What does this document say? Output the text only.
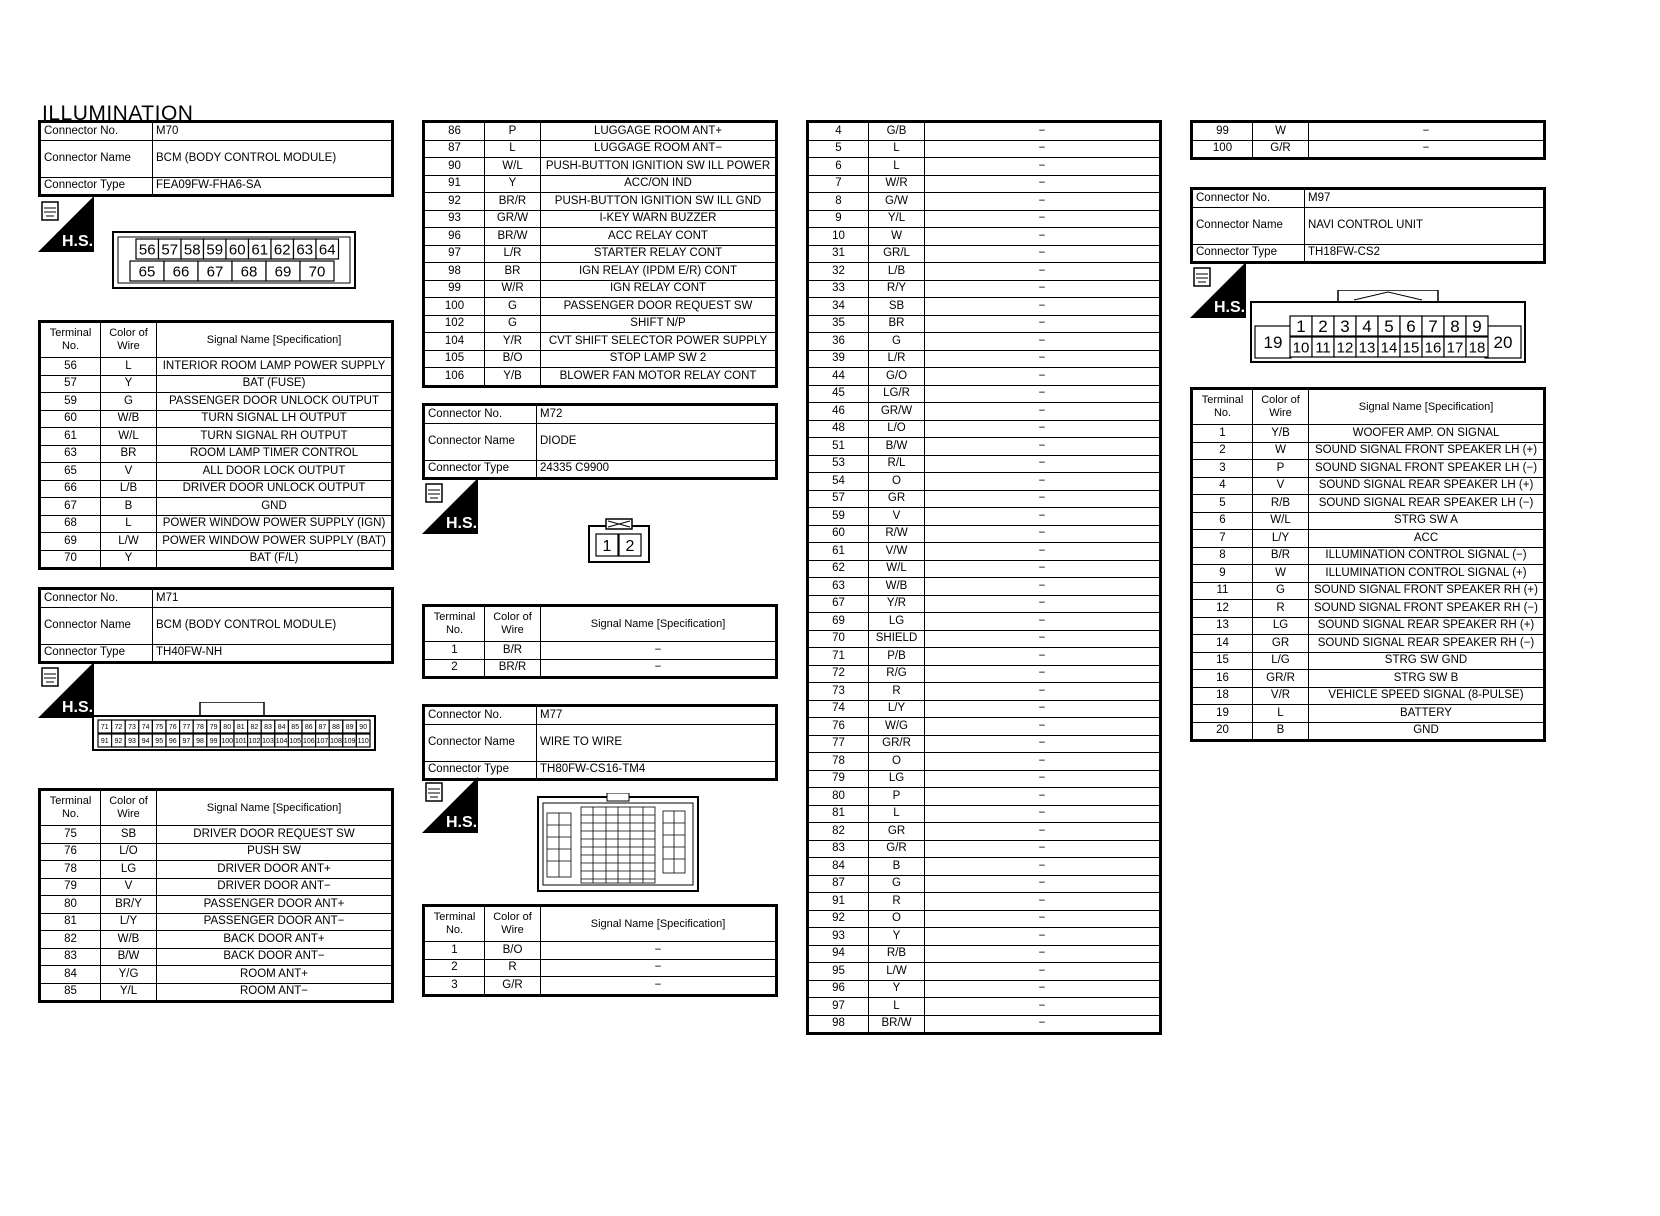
ILLUMINATION
Connector No.	M70
Connector Name	BCM (BODY CONTROL MODULE)
Connector Type	FEA09FW-FHA6-SA
H.S.	56 57 58 59 60 61 62 63 64
65 66 67 68 69 70
Terminal No.	Color of Wire	Signal Name [Specification]
56	L	INTERIOR ROOM LAMP POWER SUPPLY
57	Y	BAT (FUSE)
59	G	PASSENGER DOOR UNLOCK OUTPUT
60	W/B	TURN SIGNAL LH OUTPUT
61	W/L	TURN SIGNAL RH OUTPUT
63	BR	ROOM LAMP TIMER CONTROL
65	V	ALL DOOR LOCK OUTPUT
66	L/B	DRIVER DOOR UNLOCK OUTPUT
67	B	GND
68	L	POWER WINDOW POWER SUPPLY (IGN)
69	L/W	POWER WINDOW POWER SUPPLY (BAT)
70	Y	BAT (F/L)
Connector No.	M71
Connector Name	BCM (BODY CONTROL MODULE)
Connector Type	TH40FW-NH
H.S.
71 72 73 74 75 76 77 78 79 80 81 82 83 84 85 86 87 88 89 90
91 92 93 94 95 96 97 98 99 100 101 102 103 104 105 106 107 108 109 110
Terminal No.	Color of Wire	Signal Name [Specification]
75	SB	DRIVER DOOR REQUEST SW
76	L/O	PUSH SW
78	LG	DRIVER DOOR ANT+
79	V	DRIVER DOOR ANT−
80	BR/Y	PASSENGER DOOR ANT+
81	L/Y	PASSENGER DOOR ANT−
82	W/B	BACK DOOR ANT+
83	B/W	BACK DOOR ANT−
84	Y/G	ROOM ANT+
85	Y/L	ROOM ANT−
86	P	LUGGAGE ROOM ANT+
87	L	LUGGAGE ROOM ANT−
90	W/L	PUSH-BUTTON IGNITION SW ILL POWER
91	Y	ACC/ON IND
92	BR/R	PUSH-BUTTON IGNITION SW ILL GND
93	GR/W	I-KEY WARN BUZZER
96	BR/W	ACC RELAY CONT
97	L/R	STARTER RELAY CONT
98	BR	IGN RELAY (IPDM E/R) CONT
99	W/R	IGN RELAY CONT
100	G	PASSENGER DOOR REQUEST SW
102	G	SHIFT N/P
104	Y/R	CVT SHIFT SELECTOR POWER SUPPLY
105	B/O	STOP LAMP SW 2
106	Y/B	BLOWER FAN MOTOR RELAY CONT
Connector No.	M72
Connector Name	DIODE
Connector Type	24335 C9900
H.S.
1 2
Terminal No.	Color of Wire	Signal Name [Specification]
1	B/R	−
2	BR/R	−
Connector No.	M77
Connector Name	WIRE TO WIRE
Connector Type	TH80FW-CS16-TM4
H.S.
Terminal No.	Color of Wire	Signal Name [Specification]
1	B/O	−
2	R	−
3	G/R	−
4	G/B	−
5	L	−
6	L	−
7	W/R	−
8	G/W	−
9	Y/L	−
10	W	−
31	GR/L	−
32	L/B	−
33	R/Y	−
34	SB	−
35	BR	−
36	G	−
39	L/R	−
44	G/O	−
45	LG/R	−
46	GR/W	−
48	L/O	−
51	B/W	−
53	R/L	−
54	O	−
57	GR	−
59	V	−
60	R/W	−
61	V/W	−
62	W/L	−
63	W/B	−
67	Y/R	−
69	LG	−
70	SHIELD	−
71	P/B	−
72	R/G	−
73	R	−
74	L/Y	−
76	W/G	−
77	GR/R	−
78	O	−
79	LG	−
80	P	−
81	L	−
82	GR	−
83	G/R	−
84	B	−
87	G	−
91	R	−
92	O	−
93	Y	−
94	R/B	−
95	L/W	−
96	Y	−
97	L	−
98	BR/W	−
99	W	−
100	G/R	−
Connector No.	M97
Connector Name	NAVI CONTROL UNIT
Connector Type	TH18FW-CS2
H.S.
19	20
1 2 3 4 5 6 7 8 9
10 11 12 13 14 15 16 17 18
Terminal No.	Color of Wire	Signal Name [Specification]
1	Y/B	WOOFER AMP. ON SIGNAL
2	W	SOUND SIGNAL FRONT SPEAKER LH (+)
3	P	SOUND SIGNAL FRONT SPEAKER LH (−)
4	V	SOUND SIGNAL REAR SPEAKER LH (+)
5	R/B	SOUND SIGNAL REAR SPEAKER LH (−)
6	W/L	STRG SW A
7	L/Y	ACC
8	B/R	ILLUMINATION CONTROL SIGNAL (−)
9	W	ILLUMINATION CONTROL SIGNAL (+)
11	G	SOUND SIGNAL FRONT SPEAKER RH (+)
12	R	SOUND SIGNAL FRONT SPEAKER RH (−)
13	LG	SOUND SIGNAL REAR SPEAKER RH (+)
14	GR	SOUND SIGNAL REAR SPEAKER RH (−)
15	L/G	STRG SW GND
16	GR/R	STRG SW B
18	V/R	VEHICLE SPEED SIGNAL (8-PULSE)
19	L	BATTERY
20	B	GND
